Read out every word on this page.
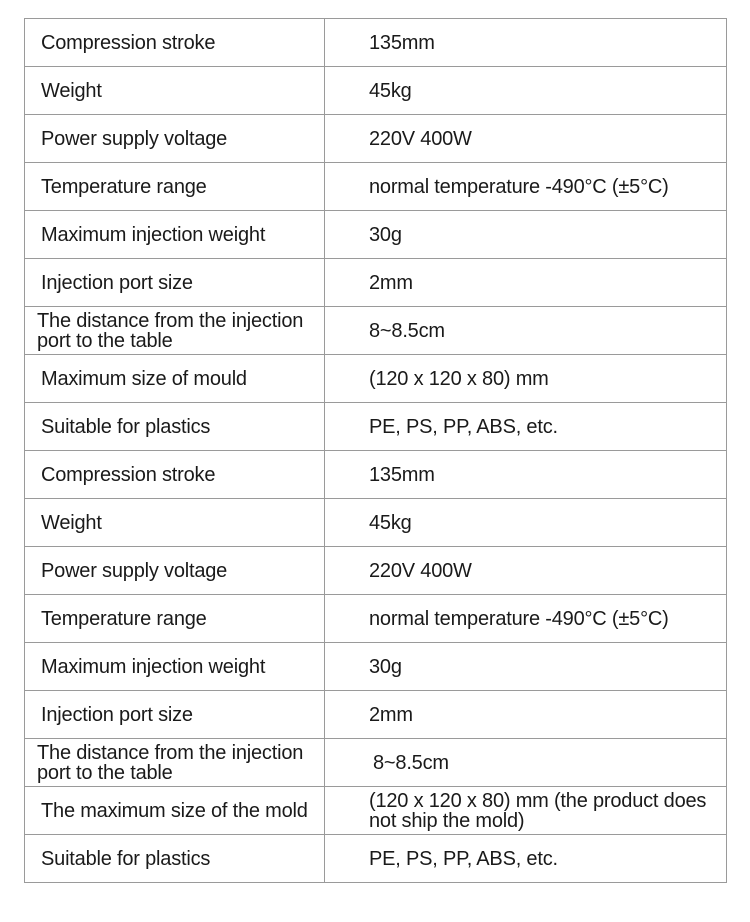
Compression stroke	135mm

Weight	45kg

Power supply voltage	220V 400W

Temperature range	normal temperature -490°C (±5°C)

Maximum injection weight	30g

Injection port size	2mm

The distance from the injection port to the table	8~8.5cm

Maximum size of mould	(120 x 120 x 80) mm

Suitable for plastics	PE, PS, PP, ABS, etc.

Compression stroke	135mm

Weight	45kg

Power supply voltage	220V 400W

Temperature range	normal temperature -490°C (±5°C)

Maximum injection weight	30g

Injection port size	2mm

The distance from the injection port to the table	8~8.5cm

The maximum size of the mold	(120 x 120 x 80) mm (the product does not ship the mold)

Suitable for plastics	PE, PS, PP, ABS, etc.
